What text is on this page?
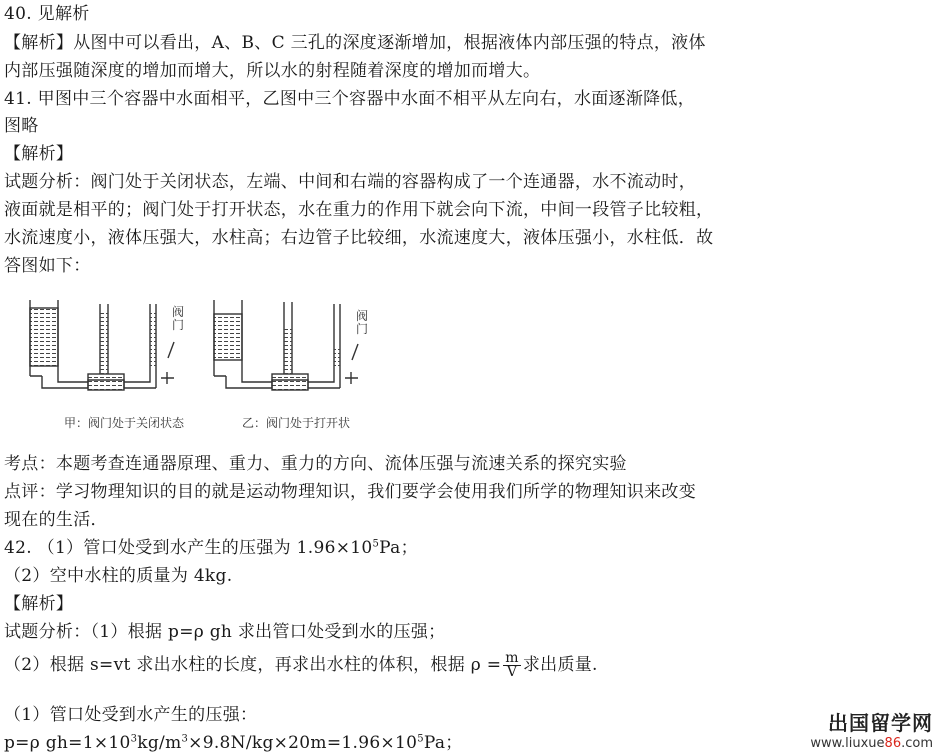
40. 见解析
【解析】从图中可以看出，A、B、C 三孔的深度逐渐增加，根据液体内部压强的特点，液体
内部压强随深度的增加而增大，所以水的射程随着深度的增加而增大。
41. 甲图中三个容器中水面相平，乙图中三个容器中水面不相平从左向右，水面逐渐降低，
图略
【解析】
试题分析：阀门处于关闭状态，左端、中间和右端的容器构成了一个连通器，水不流动时，
液面就是相平的；阀门处于打开状态，水在重力的作用下就会向下流，中间一段管子比较粗，
水流速度小，液体压强大，水柱高；右边管子比较细，水流速度大，液体压强小，水柱低．故
答图如下：
考点：本题考查连通器原理、重力、重力的方向、流体压强与流速关系的探究实验
点评：学习物理知识的目的就是运动物理知识，我们要学会使用我们所学的物理知识来改变
现在的生活．
42. （1）管口处受到水产生的压强为 $1.96\times 10^5Pa$；
（2）空中水柱的质量为 4kg.
【解析】
试题分析：（1）根据 p=ρ gh 求出管口处受到水的压强；
（2）根据 s=vt 求出水柱的长度，再求出水柱的体积，根据 $\rho = \frac{m}{V}$ 求出质量.
（1）管口处受到水产生的压强：
p=ρ $gh=1\times 10^3kg/m^3\times 9.8N/kg\times 20m=1.96\times 10^5Pa$；
阀门
阀门
甲：阀门处于关闭状态	乙：阀门处于打开状
出国留学网
www.liuxue86.com
